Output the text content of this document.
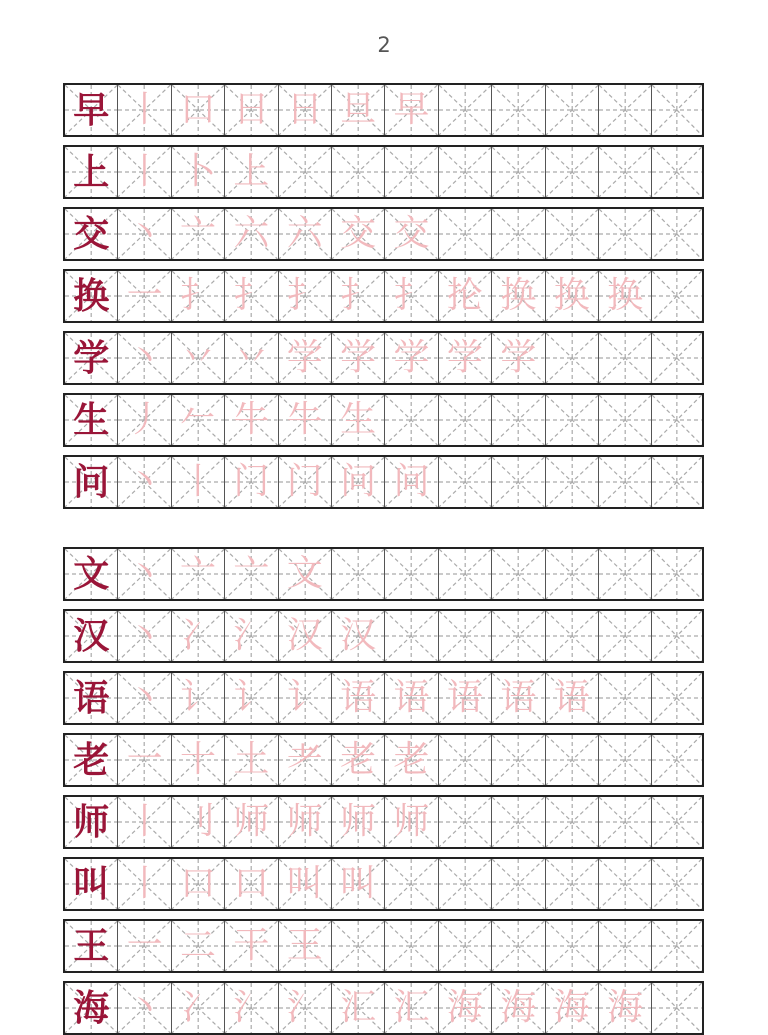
2
早 丨 口 日 日 旦 早
上 丨 卜 上
交 丶 亠 六 六 交 交
换 一 扌 扌 扌 扌 扌 抡 换 换 换
学 丶 丷 丷 学 学 学 学 学
生 丿 𠂉 牛 牛 生
问 丶 丨 门 门 问 问
文 丶 亠 亠 文
汉 丶 冫 氵 汉 汉
语 丶 讠 讠 讠 语 语 语 语 语
老 一 十 土 耂 老 老
师 丨 刂 师 师 师 师
叫 丨 口 口 叫 叫
王 一 二 干 王
海 丶 冫 氵 氵 汇 汇 海 海 海 海
